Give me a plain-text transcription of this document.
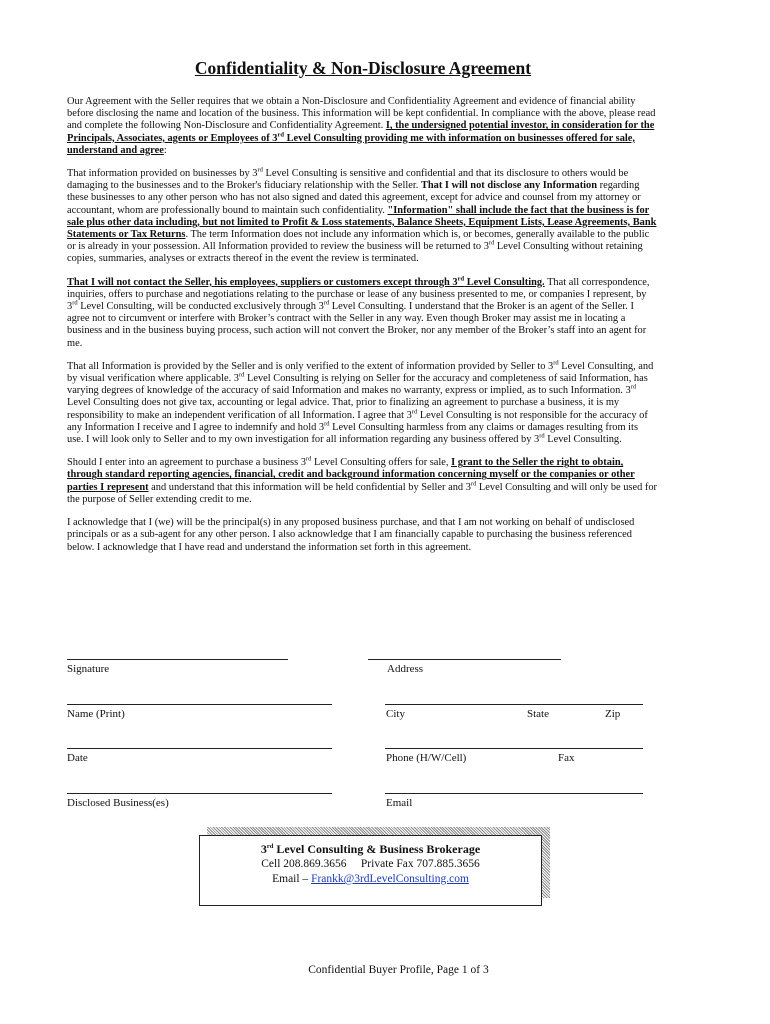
Confidentiality & Non-Disclosure Agreement

Our Agreement with the Seller requires that we obtain a Non-Disclosure and Confidentiality Agreement and evidence of financial ability before disclosing the name and location of the business. This information will be kept confidential. In compliance with the above, please read and complete the following Non-Disclosure and Confidentiality Agreement. I, the undersigned potential investor, in consideration for the Principals, Associates, agents or Employees of 3rd Level Consulting providing me with information on businesses offered for sale, understand and agree:

That information provided on businesses by 3rd Level Consulting is sensitive and confidential and that its disclosure to others would be damaging to the businesses and to the Broker's fiduciary relationship with the Seller. That I will not disclose any Information regarding these businesses to any other person who has not also signed and dated this agreement, except for advice and counsel from my attorney or accountant, whom are professionally bound to maintain such confidentiality. "Information" shall include the fact that the business is for sale plus other data including, but not limited to Profit & Loss statements, Balance Sheets, Equipment Lists, Lease Agreements, Bank Statements or Tax Returns. The term Information does not include any information which is, or becomes, generally available to the public or is already in your possession. All Information provided to review the business will be returned to 3rd Level Consulting without retaining copies, summaries, analyses or extracts thereof in the event the review is terminated.

That I will not contact the Seller, his employees, suppliers or customers except through 3rd Level Consulting. That all correspondence, inquiries, offers to purchase and negotiations relating to the purchase or lease of any business presented to me, or companies I represent, by 3rd Level Consulting, will be conducted exclusively through 3rd Level Consulting. I understand that the Broker is an agent of the Seller. I agree not to circumvent or interfere with Broker’s contract with the Seller in any way. Even though Broker may assist me in locating a business and in the business buying process, such action will not convert the Broker, nor any member of the Broker’s staff into an agent for me.

That all Information is provided by the Seller and is only verified to the extent of information provided by Seller to 3rd Level Consulting, and by visual verification where applicable. 3rd Level Consulting is relying on Seller for the accuracy and completeness of said Information, has varying degrees of knowledge of the accuracy of said Information and makes no warranty, express or implied, as to such Information. 3rd Level Consulting does not give tax, accounting or legal advice. That, prior to finalizing an agreement to purchase a business, it is my responsibility to make an independent verification of all Information. I agree that 3rd Level Consulting is not responsible for the accuracy of any Information I receive and I agree to indemnify and hold 3rd Level Consulting harmless from any claims or damages resulting from its use. I will look only to Seller and to my own investigation for all information regarding any business offered by 3rd Level Consulting.

Should I enter into an agreement to purchase a business 3rd Level Consulting offers for sale, I grant to the Seller the right to obtain, through standard reporting agencies, financial, credit and background information concerning myself or the companies or other parties I represent and understand that this information will be held confidential by Seller and 3rd Level Consulting and will only be used for the purpose of Seller extending credit to me.

I acknowledge that I (we) will be the principal(s) in any proposed business purchase, and that I am not working on behalf of undisclosed principals or as a sub-agent for any other person. I also acknowledge that I am financially capable to purchasing the business referenced below. I acknowledge that I have read and understand the information set forth in this agreement.

Signature	Address
Name (Print)	City	State	Zip
Date	Phone (H/W/Cell)	Fax
Disclosed Business(es)	Email
3rd Level Consulting & Business Brokerage
Cell 208.869.3656     Private Fax 707.885.3656
Email – Frankk@3rdLevelConsulting.com
Confidential Buyer Profile, Page 1 of 3
